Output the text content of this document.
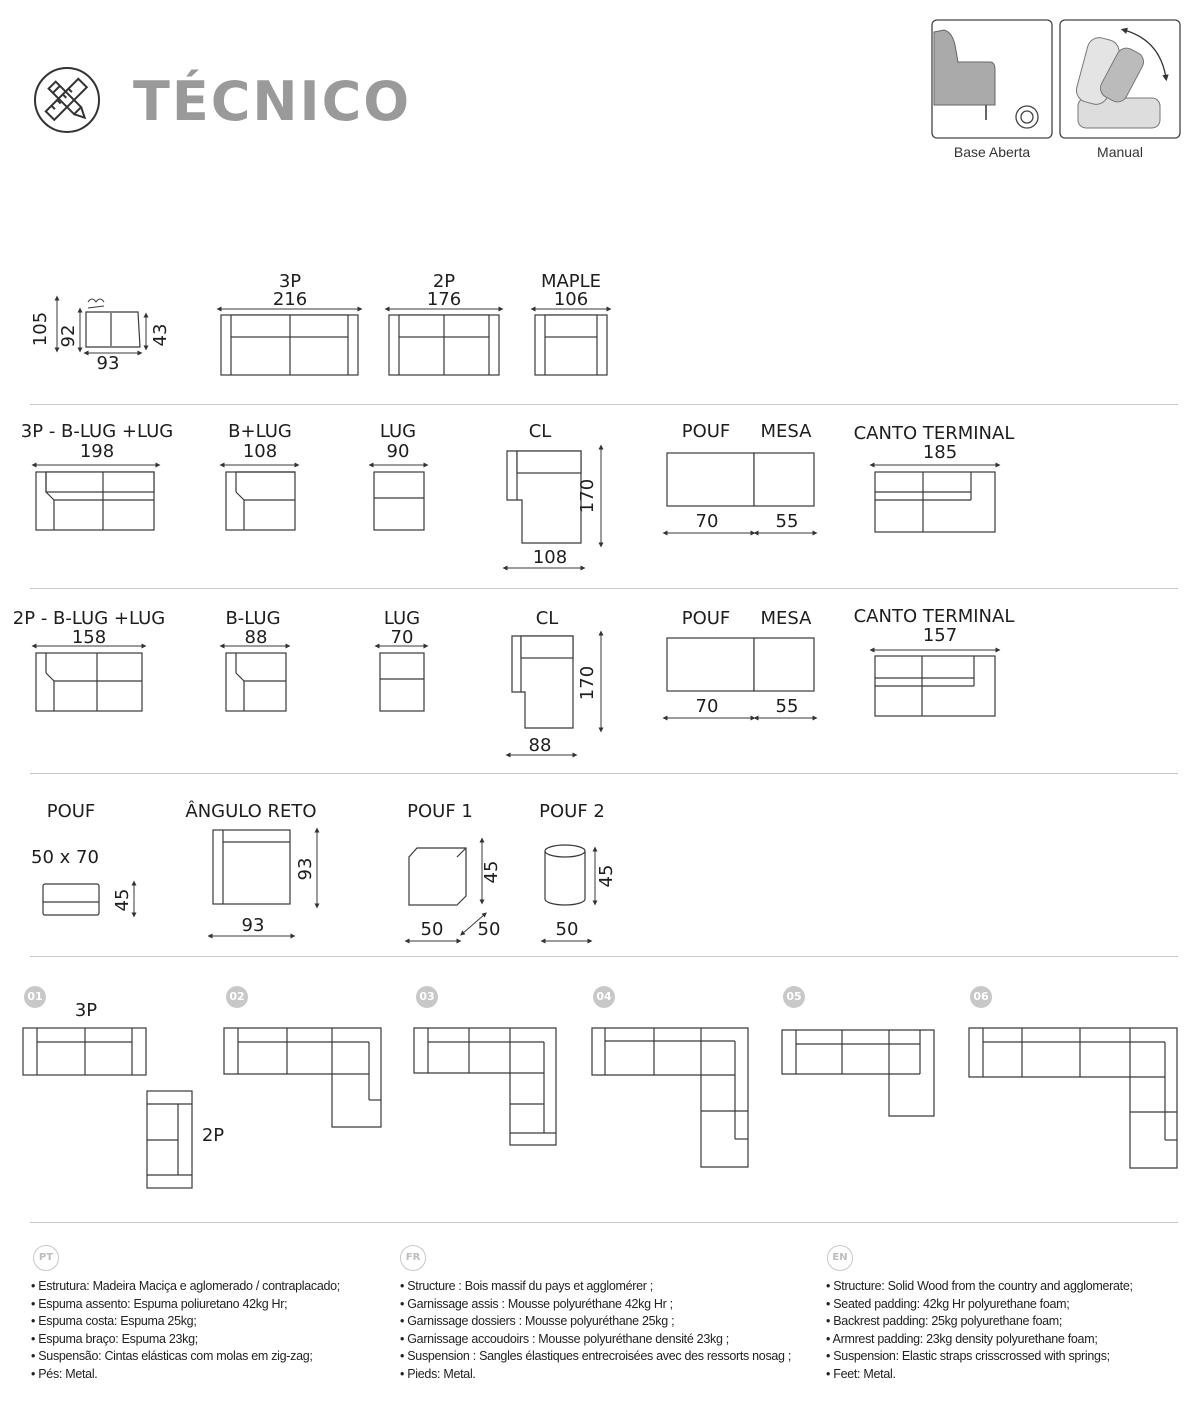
TÉCNICO
Base Aberta	Manual
105 92	43
93
3P
216
2P
176
MAPLE
106
3P - B-LUG +LUG
198
B+LUG
108
LUG
90
CL
108
170
POUF
70
MESA
55
CANTO TERMINAL
185
2P - B-LUG +LUG
158
B-LUG
88
LUG
70
CL
88
170
POUF
70
MESA
55
CANTO TERMINAL
157
POUF
50 x 70
45
ÂNGULO RETO
93
93
POUF 1
45
50	50
POUF 2
45
50
01	02	03	04	05	06
3P
2P
PT
• Estrutura: Madeira Maciça e aglomerado / contraplacado;
• Espuma assento: Espuma poliuretano 42kg Hr;
• Espuma costa: Espuma 25kg;
• Espuma braço: Espuma 23kg;
• Suspensão: Cintas elásticas com molas em zig-zag;
• Pés: Metal.
FR
• Structure : Bois massif du pays et agglomérer ;
• Garnissage assis : Mousse polyuréthane 42kg Hr ;
• Garnissage dossiers : Mousse polyuréthane 25kg ;
• Garnissage accoudoirs : Mousse polyuréthane densité 23kg ;
• Suspension : Sangles élastiques entrecroisées avec des ressorts nosag ;
• Pieds: Metal.
EN
• Structure: Solid Wood from the country and agglomerate;
• Seated padding: 42kg Hr polyurethane foam;
• Backrest padding: 25kg polyurethane foam;
• Armrest padding: 23kg density polyurethane foam;
• Suspension: Elastic straps crisscrossed with springs;
• Feet: Metal.
